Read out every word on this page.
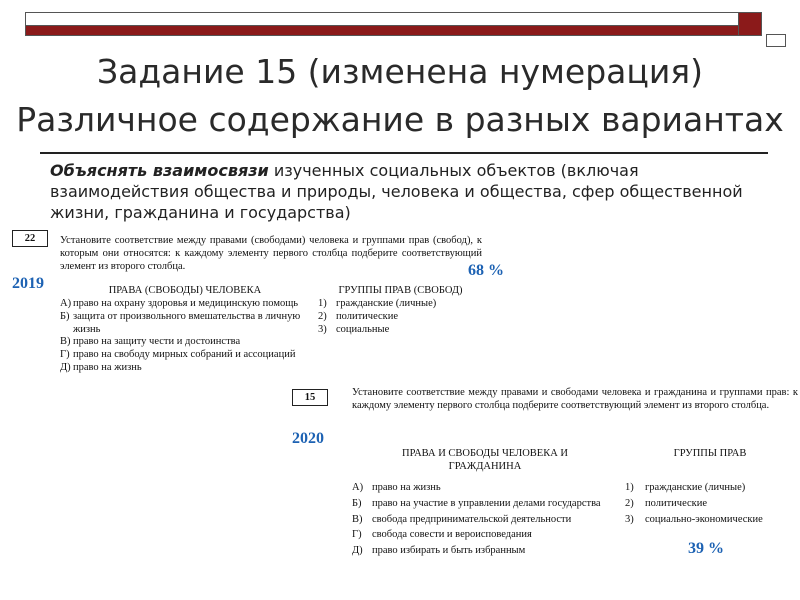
Задание 15 (изменена нумерация)
Различное содержание в разных вариантах
Объяснять взаимосвязи изученных социальных объектов (включая взаимодействия общества и природы, человека и общества, сфер общественной жизни, гражданина и государства)
22	Установите соответствие между правами (свободами) человека и группами прав (свобод), к которым они относятся: к каждому элементу первого столбца подберите соответствующий элемент из второго столбца.
2019
68 %
ПРАВА (СВОБОДЫ) ЧЕЛОВЕКА	ГРУППЫ ПРАВ (СВОБОД)
А) право на охрану здоровья и медицинскую помощь
Б) защита от произвольного вмешательства в личную жизнь
В) право на защиту чести и достоинства
Г) право на свободу мирных собраний и ассоциаций
Д) право на жизнь
1) гражданские (личные)
2) политические
3) социальные
15	Установите соответствие между правами и свободами человека и гражданина и группами прав: к каждому элементу первого столбца подберите соответствующий элемент из второго столбца.
2020
ПРАВА И СВОБОДЫ ЧЕЛОВЕКА И ГРАЖДАНИНА
ГРУППЫ ПРАВ
А) право на жизнь
Б) право на участие в управлении делами государства
В) свобода предпринимательской деятельности
Г) свобода совести и вероисповедания
Д) право избирать и быть избранным
1)	гражданские (личные)
2)	политические
3)	социально-экономические
39 %
